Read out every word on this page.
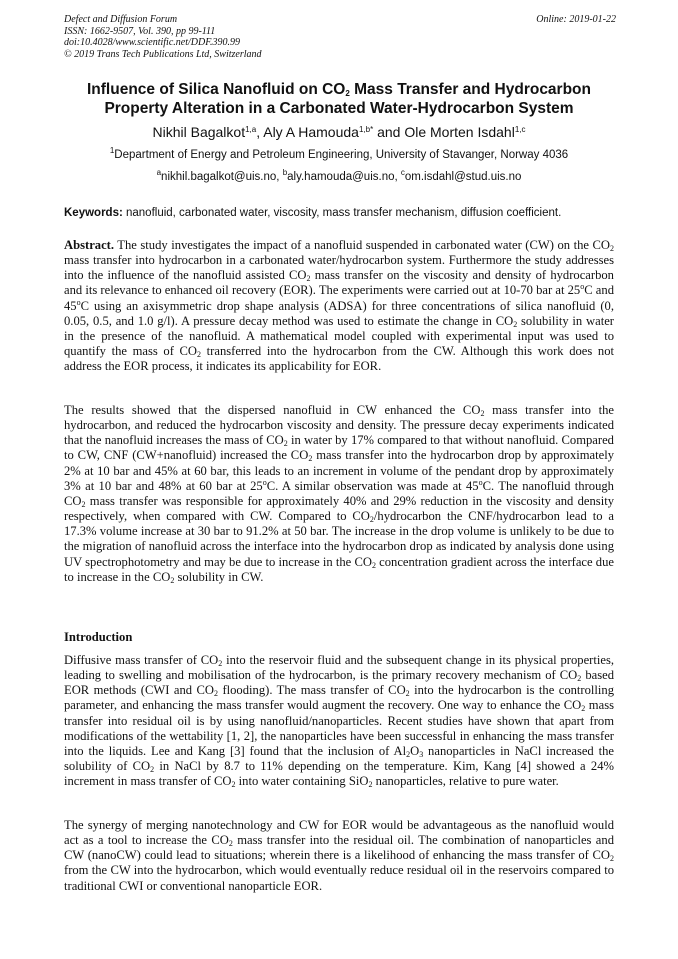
Defect and Diffusion Forum
ISSN: 1662-9507, Vol. 390, pp 99-111
doi:10.4028/www.scientific.net/DDF.390.99
© 2019 Trans Tech Publications Ltd, Switzerland
Online: 2019-01-22
Influence of Silica Nanofluid on $CO_2$ Mass Transfer and Hydrocarbon
Property Alteration in a Carbonated Water-Hydrocarbon System
Nikhil Bagalkot$^{1,a}$, Aly A Hamouda$^{1,b*}$ and Ole Morten Isdahl$^{1,c}$
$^1$Department of Energy and Petroleum Engineering, University of Stavanger, Norway 4036
$^a$nikhil.bagalkot@uis.no, $^b$aly.hamouda@uis.no, $^c$om.isdahl@stud.uis.no
Keywords: nanofluid, carbonated water, viscosity, mass transfer mechanism, diffusion coefficient.
Abstract. The study investigates the impact of a nanofluid suspended in carbonated water (CW) on the $CO_2$ mass transfer into hydrocarbon in a carbonated water/hydrocarbon system. Furthermore the study addresses into the influence of the nanofluid assisted $CO_2$ mass transfer on the viscosity and density of hydrocarbon and its relevance to enhanced oil recovery (EOR). The experiments were carried out at 10-70 bar at 25$^o$C and 45$^o$C using an axisymmetric drop shape analysis (ADSA) for three concentrations of silica nanofluid (0, 0.05, 0.5, and 1.0 g/l). A pressure decay method was used to estimate the change in $CO_2$ solubility in water in the presence of the nanofluid. A mathematical model coupled with experimental input was used to quantify the mass of $CO_2$ transferred into the hydrocarbon from the CW. Although this work does not address the EOR process, it indicates its applicability for EOR.
The results showed that the dispersed nanofluid in CW enhanced the $CO_2$ mass transfer into the hydrocarbon, and reduced the hydrocarbon viscosity and density. The pressure decay experiments indicated that the nanofluid increases the mass of $CO_2$ in water by 17% compared to that without nanofluid. Compared to CW, CNF (CW+nanofluid) increased the $CO_2$ mass transfer into the hydrocarbon drop by approximately 2% at 10 bar and 45% at 60 bar, this leads to an increment in volume of the pendant drop by approximately 3% at 10 bar and 48% at 60 bar at 25$^o$C. A similar observation was made at 45$^o$C. The nanofluid through $CO_2$ mass transfer was responsible for approximately 40% and 29% reduction in the viscosity and density respectively, when compared with CW. Compared to $CO_2$/hydrocarbon the CNF/hydrocarbon lead to a 17.3% volume increase at 30 bar to 91.2% at 50 bar. The increase in the drop volume is unlikely to be due to the migration of nanofluid across the interface into the hydrocarbon drop as indicated by analysis done using UV spectrophotometry and may be due to increase in the $CO_2$ concentration gradient across the interface due to increase in the $CO_2$ solubility in CW.
Introduction
Diffusive mass transfer of $CO_2$ into the reservoir fluid and the subsequent change in its physical properties, leading to swelling and mobilisation of the hydrocarbon, is the primary recovery mechanism of $CO_2$ based EOR methods (CWI and $CO_2$ flooding). The mass transfer of $CO_2$ into the hydrocarbon is the controlling parameter, and enhancing the mass transfer would augment the recovery. One way to enhance the $CO_2$ mass transfer into residual oil is by using nanofluid/nanoparticles. Recent studies have shown that apart from modifications of the wettability [1, 2], the nanoparticles have been successful in enhancing the mass transfer into the liquids. Lee and Kang [3] found that the inclusion of $Al_2O_3$ nanoparticles in NaCl increased the solubility of $CO_2$ in NaCl by 8.7 to 11% depending on the temperature. Kim, Kang [4] showed a 24% increment in mass transfer of $CO_2$ into water containing SiO$_2$ nanoparticles, relative to pure water.
The synergy of merging nanotechnology and CW for EOR would be advantageous as the nanofluid would act as a tool to increase the $CO_2$ mass transfer into the residual oil. The combination of nanoparticles and CW (nanoCW) could lead to situations; wherein there is a likelihood of enhancing the mass transfer of $CO_2$ from the CW into the hydrocarbon, which would eventually reduce residual oil in the reservoirs compared to traditional CWI or conventional nanoparticle EOR.
